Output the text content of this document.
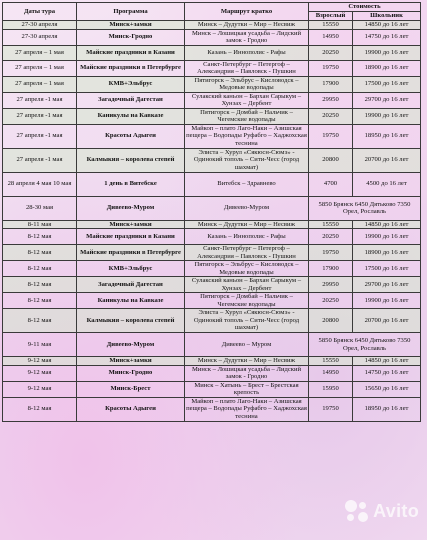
Даты тура	Программа	Маршрут кратко	Стоимость	
			Взрослый	Школьник
27-30 апреля	Минск+замки	Минск – Дудутки – Мир – Несвиж	15550	14850 до 16 лет
27-30 апреля	Минск-Гродно	Минск – Лошицкая усадьба – Лидский замок - Гродно	14950	14750 до 16 лет
27 апреля – 1 мая	Майские праздники в Казани	Казань – Иннополис - Рафы	20250	19900 до 16 лет
27 апреля – 1 мая	Майские праздники в Петербурге	Санкт-Петербург – Петергоф – Александрия – Павловск - Пушкин	19750	18900 до 16 лет
27 апреля – 1 мая	КМВ+Эльбрус	Пятигорск – Эльбрус – Кисловодск – Медовые водопады	17900	17500 до 16 лет
27 апреля -1 мая	Загадочный Дагестан	Сулакский каньон – Бархан Сарыкум – Хунзах – Дербент	29950	29700 до 16 лет
27 апреля -1 мая	Каникулы на Кавказе	Пятигорск – Домбай – Нальчик – Чегемские водопады	20250	19900 до 16 лет
27 апреля -1 мая	Красоты Адыгеи	Майкоп – плато Лаго-Наки – Азишская пещера – Водопады Руфабго – Хаджохская теснина	19750	18950 до 16 лет
27 апреля -1 мая	Калмыкия – королева степей	Элиста – Хурул «Сякюсн-Сюмэ» - Одинокий тополь – Сити-Чесс (город шахмат)	20800	20700 до 16 лет
28 апреля 4 мая 10 мая	1 день в Витебске	Витебск – Здравнево	4700	4500 до 16 лет
28-30 мая	Дивеево-Муром	Дивеево-Муром	5850 Брянск 6450 Дятьково 7350 Орел, Рославль	
8-11 мая	Минск+замки	Минск – Дудутки – Мир – Несвиж	15550	14850 до 16 лет
8-12 мая	Майские праздники в Казани	Казань – Иннополис - Рафы	20250	19900 до 16 лет
8-12 мая	Майские праздники в Петербурге	Санкт-Петербург – Петергоф – Александрия – Павловск - Пушкин	19750	18900 до 16 лет
8-12 мая	КМВ+Эльбрус	Пятигорск – Эльбрус – Кисловодск – Медовые водопады	17900	17500 до 16 лет
8-12 мая	Загадочный Дагестан	Сулакский каньон – Бархан Сарыкум – Хунзах – Дербент	29950	29700 до 16 лет
8-12 мая	Каникулы на Кавказе	Пятигорск – Домбай – Нальчик – Чегемские водопады	20250	19900 до 16 лет
8-12 мая	Калмыкия – королева степей	Элиста – Хурул «Сякюсн-Сюмэ» - Одинокий тополь – Сити-Чесс (город шахмат)	20800	20700 до 16 лет
9-11 мая	Дивеево-Муром	Дивеево – Муром	5850 Брянск 6450 Дятьково 7350 Орел, Рославль	
9-12 мая	Минск+замки	Минск – Дудутки – Мир – Несвиж	15550	14850 до 16 лет
9-12 мая	Минск-Гродно	Минск – Лошицкая усадьба – Лидский замок - Гродно	14950	14750 до 16 лет
9-12 мая	Минск-Брест	Минск – Хатынь – Брест – Брестская крепость	15950	15650 до 16 лет
8-12 мая	Красоты Адыгеи	Майкоп – плато Лаго-Наки – Азишская пещера – Водопады Руфабго – Хаджохская теснина	19750	18950 до 16 лет
Avito
